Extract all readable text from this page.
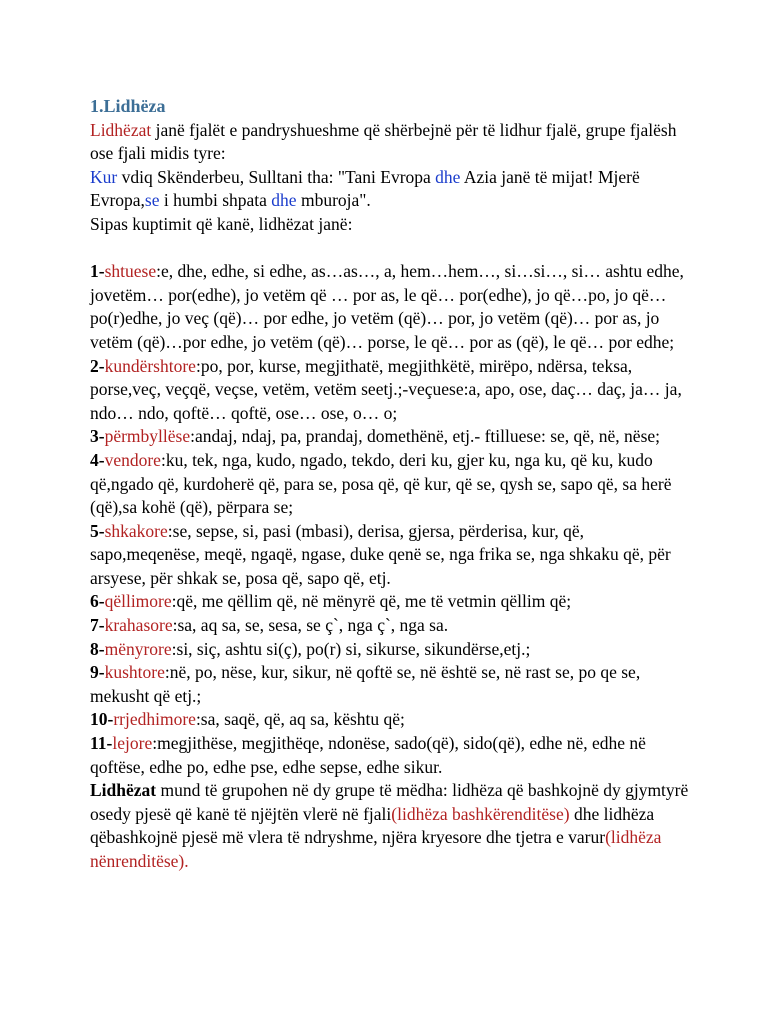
1.Lidhëza

Lidhëzat janë fjalët e pandryshueshme që shërbejnë për të lidhur fjalë, grupe fjalësh ose fjali midis tyre:

Kur vdiq Skënderbeu, Sulltani tha: "Tani Evropa dhe Azia janë të mijat! Mjerë Evropa,se i humbi shpata dhe mburoja".

Sipas kuptimit që kanë, lidhëzat janë:

1-shtuese:e, dhe, edhe, si edhe, as…as…, a, hem…hem…, si…si…, si… ashtu edhe, jovetëm… por(edhe), jo vetëm që … por as, le që… por(edhe), jo që…po, jo që… po(r)edhe, jo veç (që)… por edhe, jo vetëm (që)… por, jo vetëm (që)… por as, jo vetëm (që)…por edhe, jo vetëm (që)… porse, le që… por as (që), le që… por edhe;

2-kundërshtore:po, por, kurse, megjithatë, megjithkëtë, mirëpo, ndërsa, teksa, porse,veç, veçqë, veçse, vetëm, vetëm seetj.;-veçuese:a, apo, ose, daç… daç, ja… ja, ndo… ndo, qoftë… qoftë, ose… ose, o… o;

3-përmbyllëse:andaj, ndaj, pa, prandaj, domethënë, etj.- ftilluese: se, që, në, nëse;

4-vendore:ku, tek, nga, kudo, ngado, tekdo, deri ku, gjer ku, nga ku, që ku, kudo që,ngado që, kurdoherë që, para se, posa që, që kur, që se, qysh se, sapo që, sa herë (që),sa kohë (që), përpara se;

5-shkakore:se, sepse, si, pasi (mbasi), derisa, gjersa, përderisa, kur, që, sapo,meqenëse, meqë, ngaqë, ngase, duke qenë se, nga frika se, nga shkaku që, për arsyese, për shkak se, posa që, sapo që, etj.

6-qëllimore:që, me qëllim që, në mënyrë që, me të vetmin qëllim që;

7-krahasore:sa, aq sa, se, sesa, se ç`, nga ç`, nga sa.

8-mënyrore:si, siç, ashtu si(ç), po(r) si, sikurse, sikundërse,etj.;

9-kushtore:në, po, nëse, kur, sikur, në qoftë se, në është se, në rast se, po qe se, mekusht që etj.;

10-rrjedhimore:sa, saqë, që, aq sa, kështu që;

11-lejore:megjithëse, megjithëqe, ndonëse, sado(që), sido(që), edhe në, edhe në qoftëse, edhe po, edhe pse, edhe sepse, edhe sikur.

Lidhëzat mund të grupohen në dy grupe të mëdha: lidhëza që bashkojnë dy gjymtyrë osedy pjesë që kanë të njëjtën vlerë në fjali(lidhëza bashkërenditëse) dhe lidhëza qëbashkojnë pjesë më vlera të ndryshme, njëra kryesore dhe tjetra e varur(lidhëza nënrenditëse).
